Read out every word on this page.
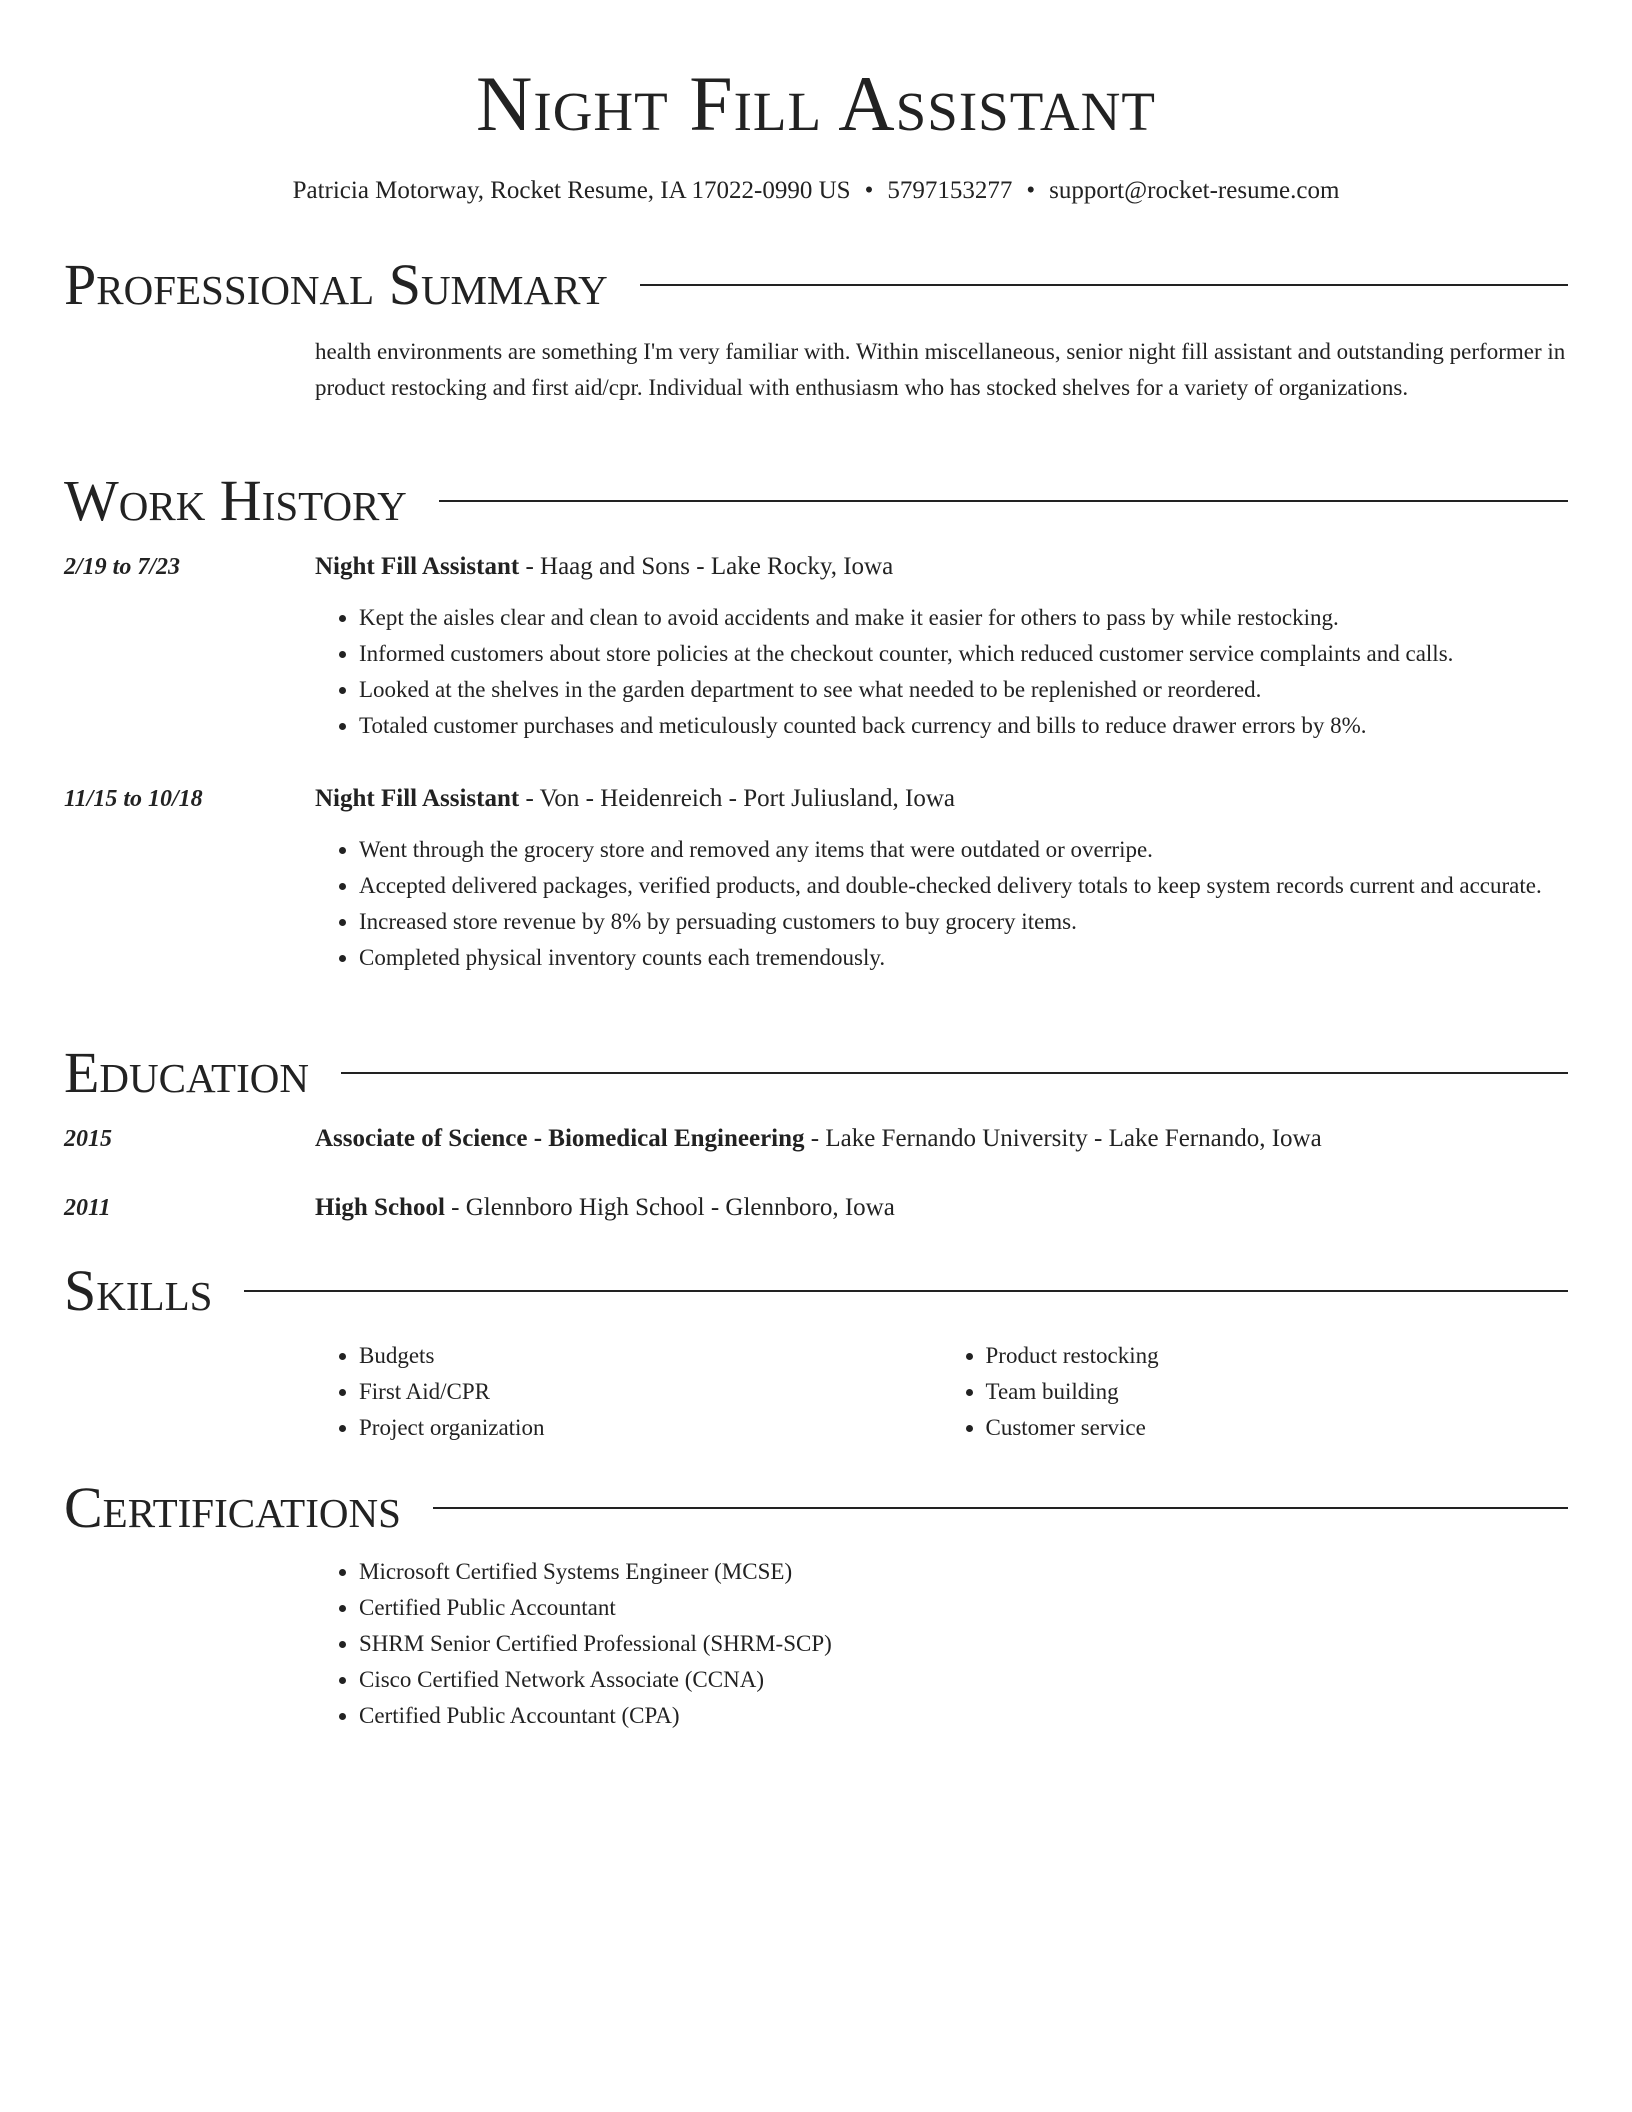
Night Fill Assistant
Patricia Motorway, Rocket Resume, IA 17022-0990 US • 5797153277 • support@rocket-resume.com
Professional Summary

health environments are something I'm very familiar with. Within miscellaneous, senior night fill assistant and outstanding performer in product restocking and first aid/cpr. Individual with enthusiasm who has stocked shelves for a variety of organizations.

Work History
2/19 to 7/23	Night Fill Assistant - Haag and Sons - Lake Rocky, Iowa

• Kept the aisles clear and clean to avoid accidents and make it easier for others to pass by while restocking.
• Informed customers about store policies at the checkout counter, which reduced customer service complaints and calls.
• Looked at the shelves in the garden department to see what needed to be replenished or reordered.
• Totaled customer purchases and meticulously counted back currency and bills to reduce drawer errors by 8%.
11/15 to 10/18	Night Fill Assistant - Von - Heidenreich - Port Juliusland, Iowa

• Went through the grocery store and removed any items that were outdated or overripe.
• Accepted delivered packages, verified products, and double-checked delivery totals to keep system records current and accurate.
• Increased store revenue by 8% by persuading customers to buy grocery items.
• Completed physical inventory counts each tremendously.
Education
2015	Associate of Science - Biomedical Engineering - Lake Fernando University - Lake Fernando, Iowa

2011	High School - Glennboro High School - Glennboro, Iowa

Skills
• Budgets
• First Aid/CPR
• Project organization
• Product restocking
• Team building
• Customer service
Certifications
• Microsoft Certified Systems Engineer (MCSE)
• Certified Public Accountant
• SHRM Senior Certified Professional (SHRM-SCP)
• Cisco Certified Network Associate (CCNA)
• Certified Public Accountant (CPA)
